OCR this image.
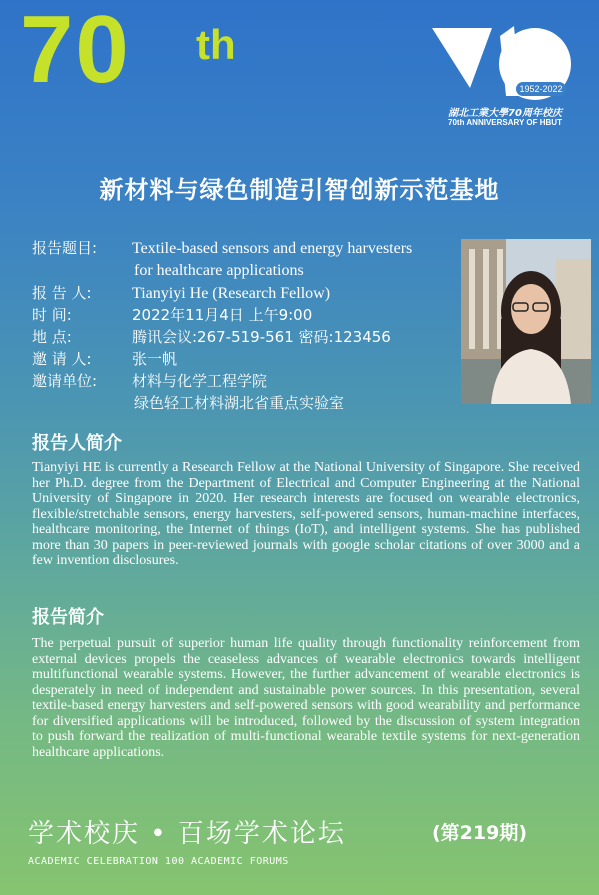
70 th
1952-2022
湖北工業大學70周年校庆
70th ANNIVERSARY OF HBUT
新材料与绿色制造引智创新示范基地
报告题目: Textile-based sensors and energy harvesters
for healthcare applications
报 告 人:	Tianyiyi He (Research Fellow)
时 间:	2022年11月4日 上午9:00
地 点:	腾讯会议:267-519-561 密码:123456
邀 请 人:	张一帆
邀请单位: 材料与化学工程学院
绿色轻工材料湖北省重点实验室
报告人简介
Tianyiyi HE is currently a Research Fellow at the National University of Singapore. She received her Ph.D. degree from the Department of Electrical and Computer Engineering at the National University of Singapore in 2020. Her research interests are focused on wearable electronics, flexible/stretchable sensors, energy harvesters, self-powered sensors, human-machine interfaces, healthcare monitoring, the Internet of things (IoT), and intelligent systems. She has published more than 30 papers in peer-reviewed journals with google scholar citations of over 3000 and a few invention disclosures.
报告简介
The perpetual pursuit of superior human life quality through functionality reinforcement from external devices propels the ceaseless advances of wearable electronics towards intelligent multifunctional wearable systems. However, the further advancement of wearable electronics is desperately in need of independent and sustainable power sources. In this presentation, several textile-based energy harvesters and self-powered sensors with good wearability and performance for diversified applications will be introduced, followed by the discussion of system integration to push forward the realization of multi-functional wearable textile systems for next-generation healthcare applications.
学术校庆 • 百场学术论坛	(第219期)
ACADEMIC CELEBRATION 100 ACADEMIC FORUMS
